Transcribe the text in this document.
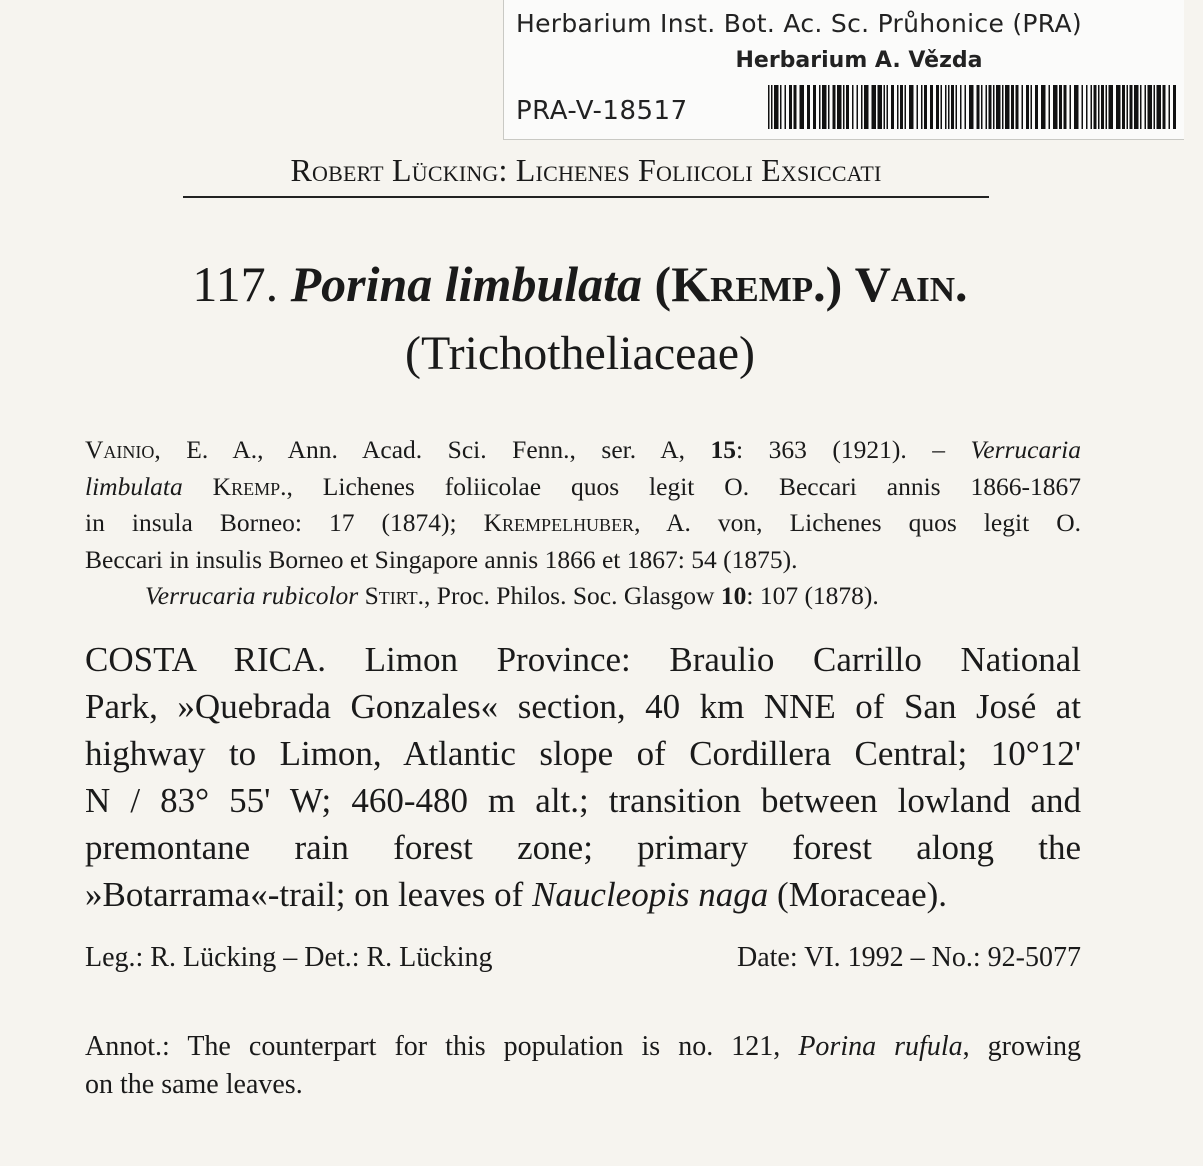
Herbarium Inst. Bot. Ac. Sc. Průhonice (PRA)
Herbarium A. Vězda
PRA-V-18517
Robert Lücking: Lichenes Foliicoli Exsiccati
117. Porina limbulata (Kremp.) Vain.
(Trichotheliaceae)
Vainio, E. A., Ann. Acad. Sci. Fenn., ser. A, 15: 363 (1921). – Verrucaria
limbulata Kremp., Lichenes foliicolae quos legit O. Beccari annis 1866-1867
in insula Borneo: 17 (1874); Krempelhuber, A. von, Lichenes quos legit O.
Beccari in insulis Borneo et Singapore annis 1866 et 1867: 54 (1875).
Verrucaria rubicolor Stirt., Proc. Philos. Soc. Glasgow 10: 107 (1878).
COSTA RICA. Limon Province: Braulio Carrillo National
Park, »Quebrada Gonzales« section, 40 km NNE of San José at
highway to Limon, Atlantic slope of Cordillera Central; 10°12'
N / 83° 55' W; 460-480 m alt.; transition between lowland and
premontane rain forest zone; primary forest along the
»Botarrama«-trail; on leaves of Naucleopis naga (Moraceae).
Leg.: R. Lücking – Det.: R. Lücking	Date: VI. 1992 – No.: 92-5077
Annot.: The counterpart for this population is no. 121, Porina rufula, growing
on the same leaves.
